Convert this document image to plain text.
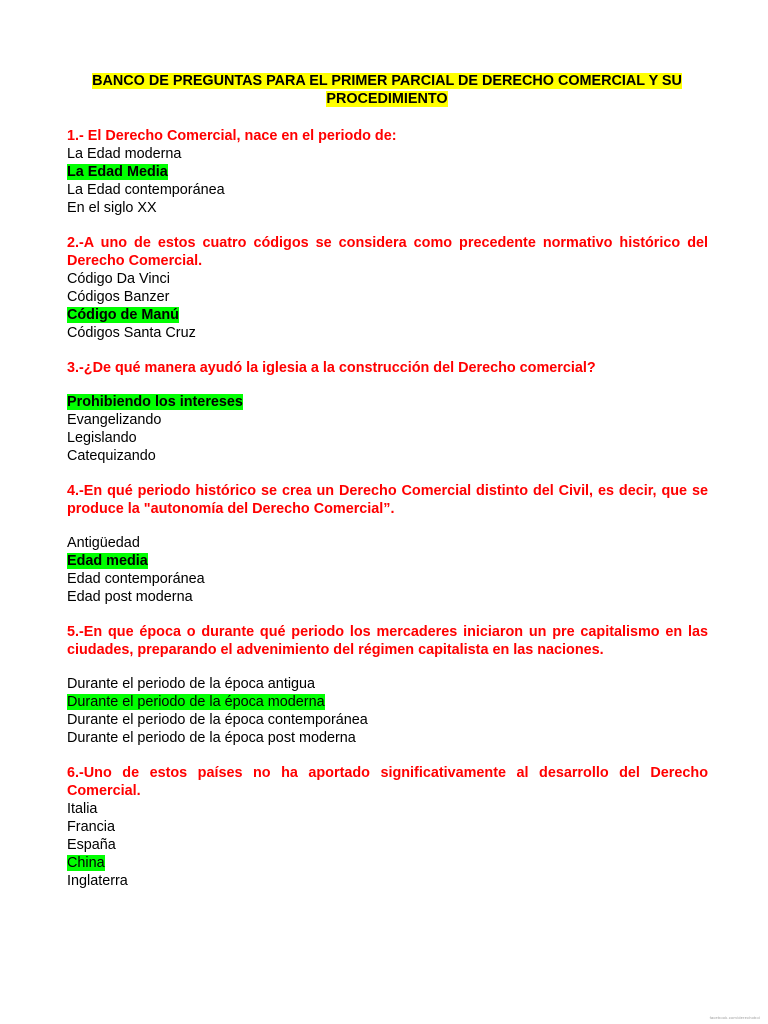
BANCO DE PREGUNTAS PARA EL PRIMER PARCIAL DE DERECHO COMERCIAL Y SU
PROCEDIMIENTO

1.- El Derecho Comercial, nace en el periodo de:

La Edad moderna
La Edad Media
La Edad contemporánea
En el siglo XX

2.-A uno de estos cuatro códigos se considera como precedente normativo histórico del Derecho Comercial.

Código Da Vinci
Códigos Banzer
Código de Manú
Códigos Santa Cruz

3.-¿De qué manera ayudó la iglesia a la construcción del Derecho comercial?

Prohibiendo los intereses
Evangelizando
Legislando
Catequizando

4.-En qué periodo histórico se crea un Derecho Comercial distinto del Civil, es decir, que se produce la "autonomía del Derecho Comercial”.

Antigüedad
Edad media
Edad contemporánea
Edad post moderna

5.-En que época o durante qué periodo los mercaderes iniciaron un pre capitalismo en las ciudades, preparando el advenimiento del régimen capitalista en las naciones.

Durante el periodo de la época antigua
Durante el periodo de la época moderna
Durante el periodo de la época contemporánea
Durante el periodo de la época post moderna

6.-Uno de estos países no ha aportado significativamente al desarrollo del Derecho Comercial.

Italia
Francia
España
China
Inglaterra
facebook.com/derechobol
